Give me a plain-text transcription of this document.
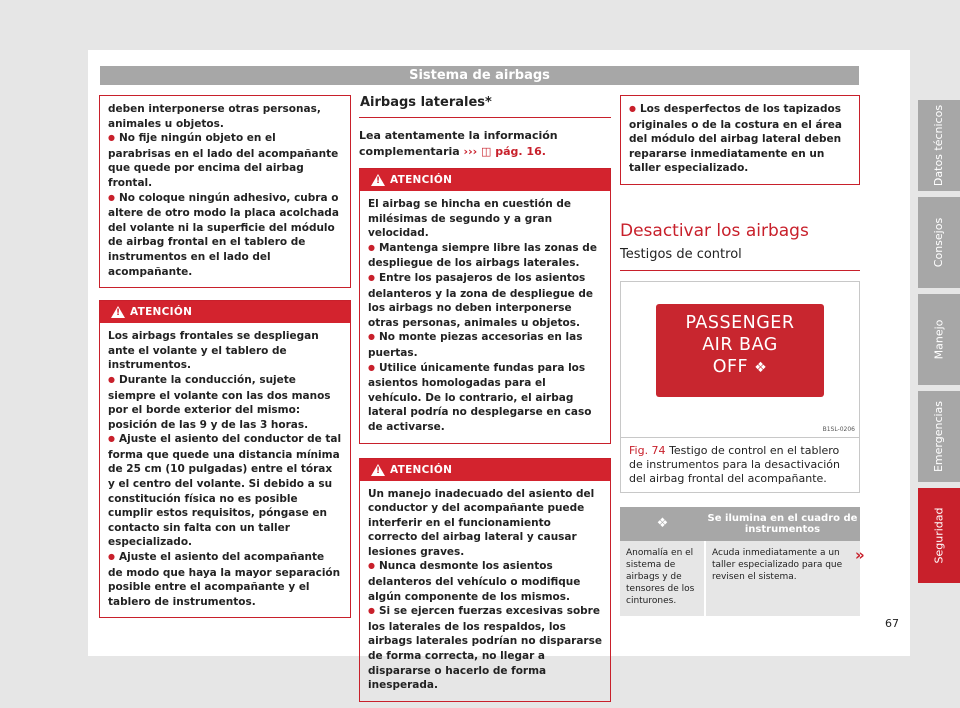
Sistema de airbags

deben interponerse otras personas, animales u objetos.

● No fije ningún objeto en el parabrisas en el lado del acompañante que quede por encima del airbag frontal.

● No coloque ningún adhesivo, cubra o altere de otro modo la placa acolchada del volante ni la superficie del módulo de airbag frontal en el tablero de instrumentos en el lado del acompañante.

!
ATENCIÓN

Los airbags frontales se despliegan ante el volante y el tablero de instrumentos.

● Durante la conducción, sujete siempre el volante con las dos manos por el borde exterior del mismo: posición de las 9 y de las 3 horas.

● Ajuste el asiento del conductor de tal forma que quede una distancia mínima de 25 cm (10 pulgadas) entre el tórax y el centro del volante. Si debido a su constitución física no es posible cumplir estos requisitos, póngase en contacto sin falta con un taller especializado.

● Ajuste el asiento del acompañante de modo que haya la mayor separación posible entre el acompañante y el tablero de instrumentos.

Airbags laterales*
Lea atentamente la información complementaria ››› ◫ pág. 16.
!
ATENCIÓN

El airbag se hincha en cuestión de milésimas de segundo y a gran velocidad.

● Mantenga siempre libre las zonas de despliegue de los airbags laterales.

● Entre los pasajeros de los asientos delanteros y la zona de despliegue de los airbags no deben interponerse otras personas, animales u objetos.

● No monte piezas accesorias en las puertas.

● Utilice únicamente fundas para los asientos homologadas para el vehículo. De lo contrario, el airbag lateral podría no desplegarse en caso de activarse.

!
ATENCIÓN

Un manejo inadecuado del asiento del conductor y del acompañante puede interferir en el funcionamiento correcto del airbag lateral y causar lesiones graves.

● Nunca desmonte los asientos delanteros del vehículo o modifique algún componente de los mismos.

● Si se ejercen fuerzas excesivas sobre los laterales de los respaldos, los airbags laterales podrían no dispararse de forma correcta, no llegar a dispararse o hacerlo de forma inesperada.

● Los desperfectos de los tapizados originales o de la costura en el área del módulo del airbag lateral deben repararse inmediatamente en un taller especializado.

Desactivar los airbags
Testigos de control
PASSENGER
AIR BAG
OFF ❖
B1SL-0206
Fig. 74 Testigo de control en el tablero de instrumentos para la desactivación del airbag frontal del acompañante.
❖	Se ilumina en el cuadro de instrumentos
Anomalía en el sistema de airbags y de tensores de los cinturones.	Acuda inmediatamente a un taller especializado para que revisen el sistema.
»
Datos técnicos
Consejos
Manejo
Emergencias
Seguridad
67
